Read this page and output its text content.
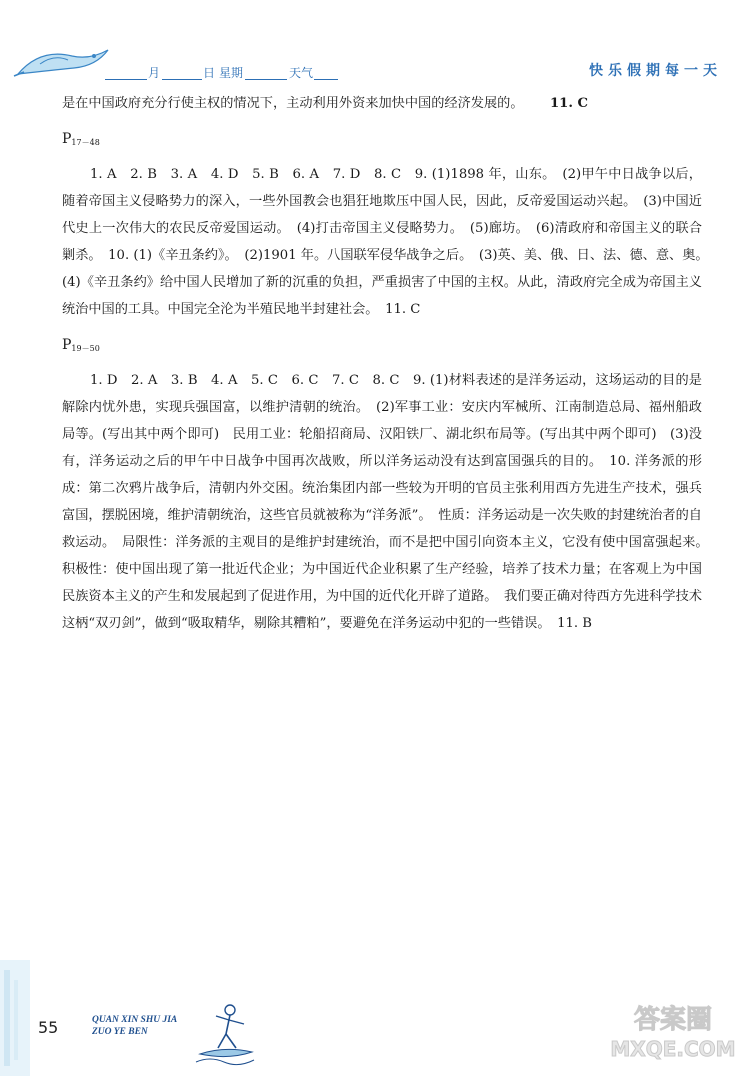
月	日 星期	天气	快乐假期每一天

是在中国政府充分行使主权的情况下，主动利用外资来加快中国的经济发展的。 11. C

$P_{17-48}$

1. A　2. B　3. A　4. D　5. B　6. A　7. D　8. C　9. (1)1898 年，山东。　(2)甲午中日战争以后，随着帝国主义侵略势力的深入，一些外国教会也猖狂地欺压中国人民，因此，反帝爱国运动兴起。　(3)中国近代史上一次伟大的农民反帝爱国运动。　(4)打击帝国主义侵略势力。　(5)廊坊。　(6)清政府和帝国主义的联合剿杀。　10. (1)《辛丑条约》。　(2)1901 年。八国联军侵华战争之后。　(3)英、美、俄、日、法、德、意、奥。　(4)《辛丑条约》给中国人民增加了新的沉重的负担，严重损害了中国的主权。从此，清政府完全成为帝国主义统治中国的工具。中国完全沦为半殖民地半封建社会。　11. C

$P_{19-50}$

1. D　2. A　3. B　4. A　5. C　6. C　7. C　8. C　9. (1)材料表述的是洋务运动，这场运动的目的是解除内忧外患，实现兵强国富，以维护清朝的统治。　(2)军事工业：安庆内军械所、江南制造总局、福州船政局等。(写出其中两个即可)　民用工业：轮船招商局、汉阳铁厂、湖北织布局等。(写出其中两个即可)　(3)没有，洋务运动之后的甲午中日战争中国再次战败，所以洋务运动没有达到富国强兵的目的。　10. 洋务派的形成：第二次鸦片战争后，清朝内外交困。统治集团内部一些较为开明的官员主张利用西方先进生产技术，强兵富国，摆脱困境，维护清朝统治，这些官员就被称为“洋务派”。　性质：洋务运动是一次失败的封建统治者的自救运动。　局限性：洋务派的主观目的是维护封建统治，而不是把中国引向资本主义，它没有使中国富强起来。　积极性：使中国出现了第一批近代企业；为中国近代企业积累了生产经验，培养了技术力量；在客观上为中国民族资本主义的产生和发展起到了促进作用，为中国的近代化开辟了道路。　我们要正确对待西方先进科学技术这柄“双刃剑”，做到“吸取精华，剔除其糟粕”，要避免在洋务运动中犯的一些错误。　11. B

55	QUAN XIN SHU JIA
ZUO YE BEN	答案圈
MXQE.COM
